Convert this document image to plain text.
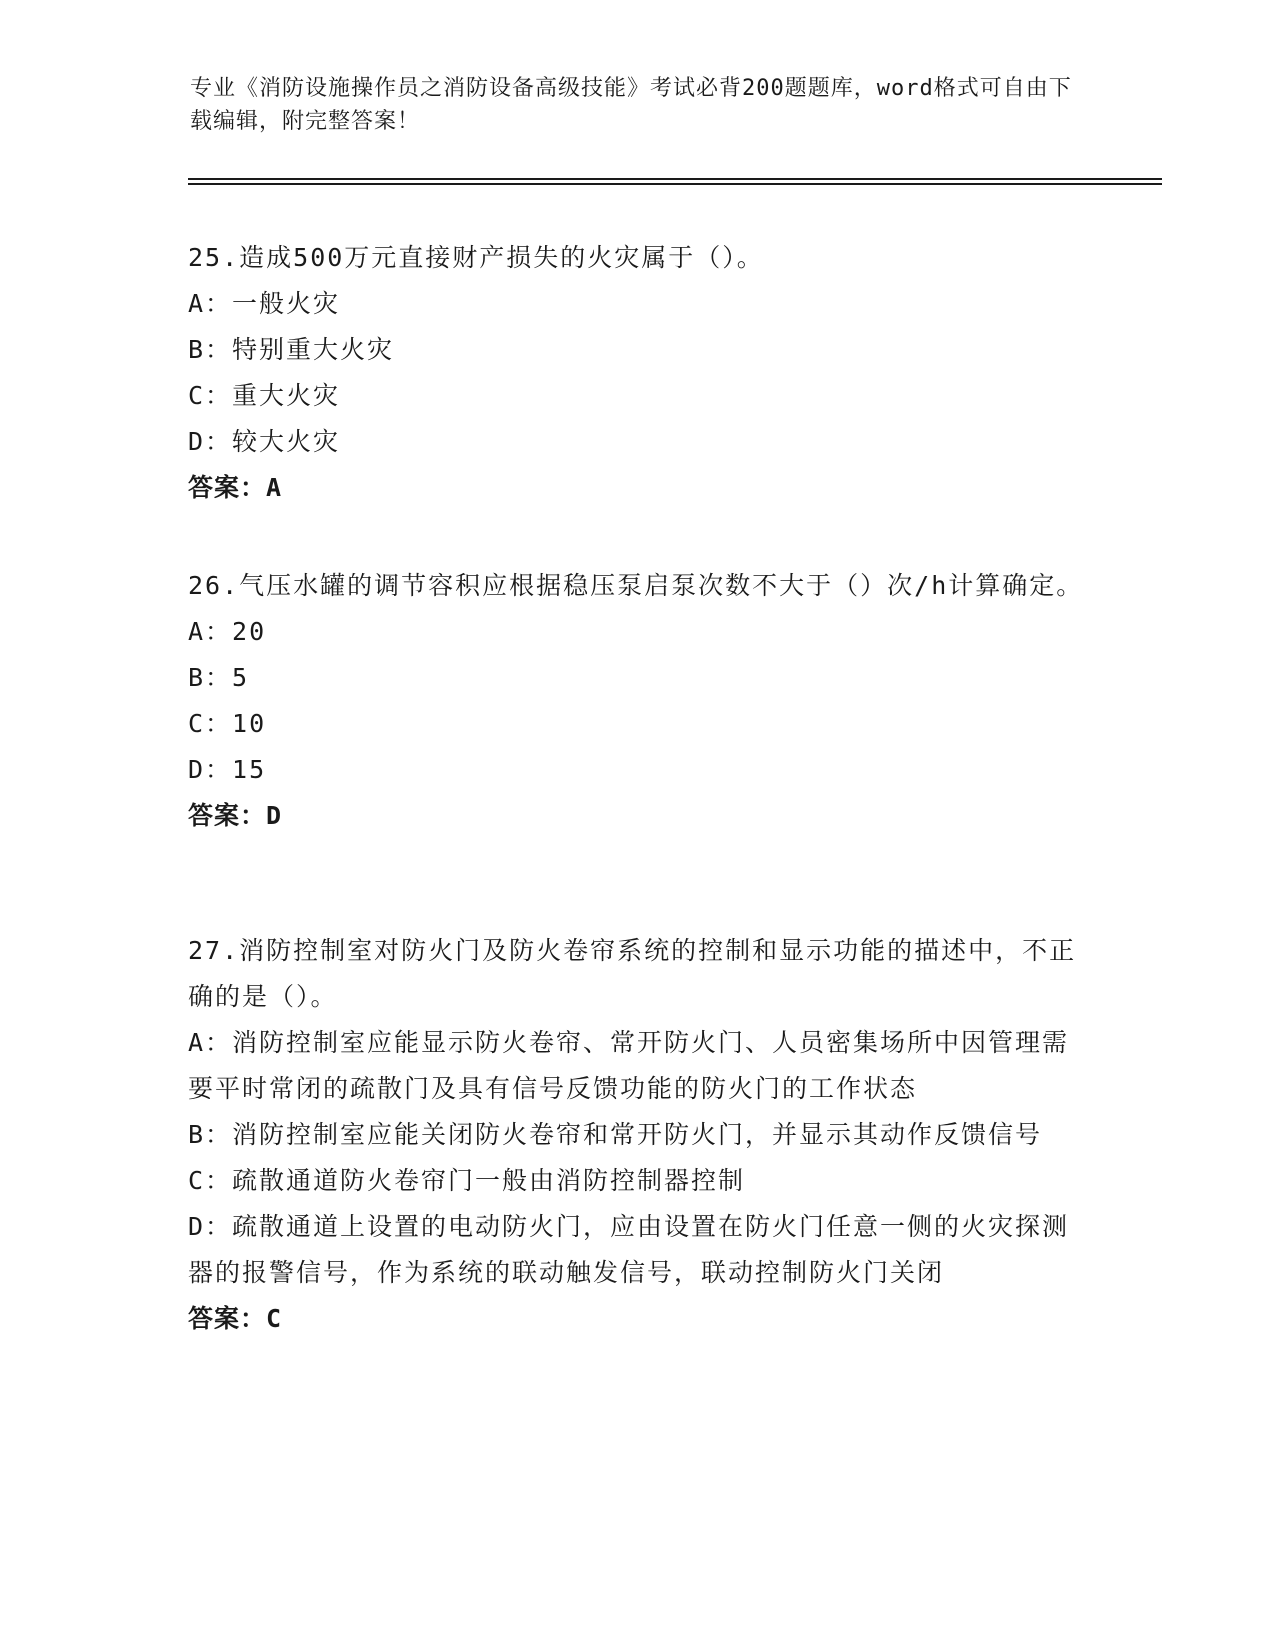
专业《消防设施操作员之消防设备高级技能》考试必背200题题库，word格式可自由下载编辑，附完整答案！
25.造成500万元直接财产损失的火灾属于（）。
A：一般火灾
B：特别重大火灾
C：重大火灾
D：较大火灾
答案：A
26.气压水罐的调节容积应根据稳压泵启泵次数不大于（）次/h计算确定。
A：20
B：5
C：10
D：15
答案：D
27.消防控制室对防火门及防火卷帘系统的控制和显示功能的描述中，不正确的是（）。
A：消防控制室应能显示防火卷帘、常开防火门、人员密集场所中因管理需要平时常闭的疏散门及具有信号反馈功能的防火门的工作状态
B：消防控制室应能关闭防火卷帘和常开防火门，并显示其动作反馈信号
C：疏散通道防火卷帘门一般由消防控制器控制
D：疏散通道上设置的电动防火门，应由设置在防火门任意一侧的火灾探测器的报警信号，作为系统的联动触发信号，联动控制防火门关闭
答案：C
